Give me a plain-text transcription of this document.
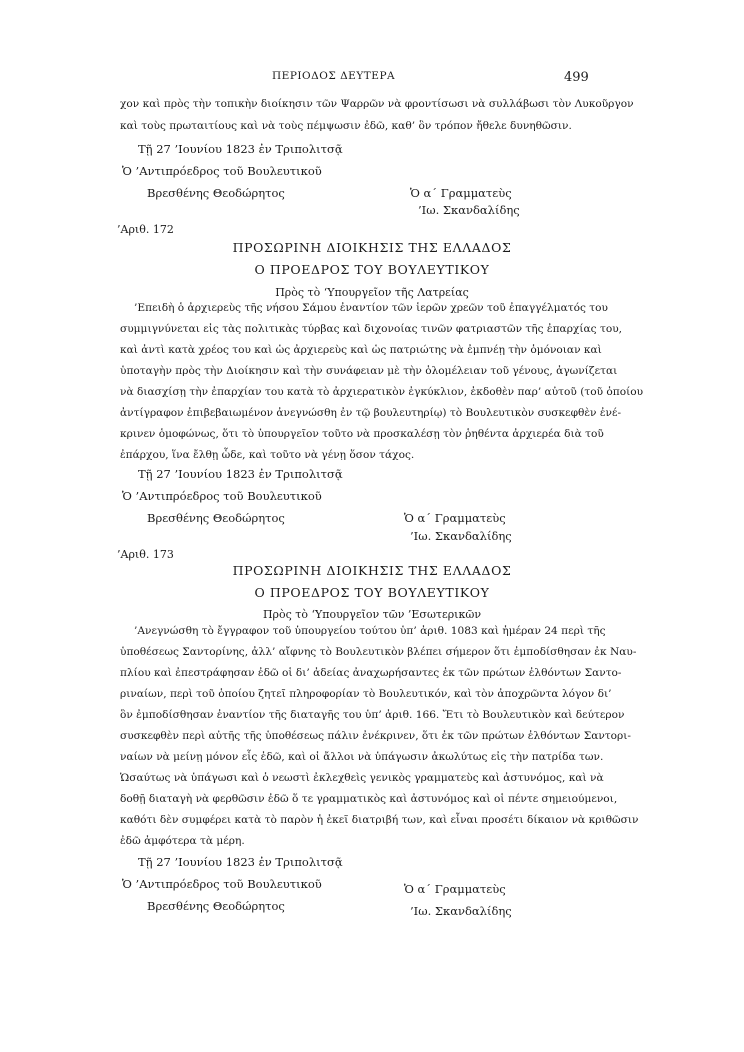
ΠΕΡΙΟΔΟΣ ΔΕΥΤΕΡΑ	499
χον καὶ πρὸς τὴν τοπικὴν διοίκησιν τῶν Ψαρρῶν νὰ φροντίσωσι νὰ συλλάβωσι τὸν Λυκοῦργον
καὶ τοὺς πρωταιτίους καὶ νὰ τοὺς πέμψωσιν ἐδῶ, καθ’ ὃν τρόπον ἤθελε δυνηθῶσιν.
Τῇ 27 ’Ιουνίου 1823 ἐν Τριπολιτσᾷ
Ὁ ’Αντιπρόεδρος τοῦ Βουλευτικοῦ
Βρεσθένης Θεοδώρητος	Ὁ α΄ Γραμματεὺς
’Ιω. Σκανδαλίδης
’Αριθ. 172
ΠΡΟΣΩΡΙΝΗ ΔΙΟΙΚΗΣΙΣ ΤΗΣ ΕΛΛΑΔΟΣ
Ο ΠΡΟΕΔΡΟΣ ΤΟΥ ΒΟΥΛΕΥΤΙΚΟΥ
Πρὸς τὸ ‘Υπουργεῖον τῆς Λατρείας
’Επειδὴ ὁ ἀρχιερεὺς τῆς νήσου Σάμου ἐναντίον τῶν ἱερῶν χρεῶν τοῦ ἐπαγγέλματός του
συμμιγνύνεται εἰς τὰς πολιτικὰς τύρβας καὶ διχονοίας τινῶν φατριαστῶν τῆς ἐπαρχίας του,
καὶ ἀντὶ κατὰ χρέος του καὶ ὡς ἀρχιερεὺς καὶ ὡς πατριώτης νὰ ἐμπνέῃ τὴν ὁμόνοιαν καὶ
ὑποταγὴν πρὸς τὴν Διοίκησιν καὶ τὴν συνάφειαν μὲ τὴν ὁλομέλειαν τοῦ γένους, ἀγωνίζεται
νὰ διασχίσῃ τὴν ἐπαρχίαν του κατὰ τὸ ἀρχιερατικὸν ἐγκύκλιον, ἐκδοθὲν παρ’ αὐτοῦ (τοῦ ὁποίου
ἀντίγραφον ἐπιβεβαιωμένον ἀνεγνώσθη ἐν τῷ βουλευτηρίῳ) τὸ Βουλευτικὸν συσκεφθὲν ἐνέ-
κρινεν ὁμοφώνως, ὅτι τὸ ὑπουργεῖον τοῦτο νὰ προσκαλέσῃ τὸν ῥηθέντα ἀρχιερέα διὰ τοῦ
ἐπάρχου, ἵνα ἔλθῃ ὧδε, καὶ τοῦτο νὰ γένῃ ὅσον τάχος.
Τῇ 27 ’Ιουνίου 1823 ἐν Τριπολιτσᾷ
Ὁ ’Αντιπρόεδρος τοῦ Βουλευτικοῦ
Βρεσθένης Θεοδώρητος	Ὁ α΄ Γραμματεὺς
’Ιω. Σκανδαλίδης
’Αριθ. 173
ΠΡΟΣΩΡΙΝΗ ΔΙΟΙΚΗΣΙΣ ΤΗΣ ΕΛΛΑΔΟΣ
Ο ΠΡΟΕΔΡΟΣ ΤΟΥ ΒΟΥΛΕΥΤΙΚΟΥ
Πρὸς τὸ ‘Υπουργεῖον τῶν ’Εσωτερικῶν
’Ανεγνώσθη τὸ ἔγγραφον τοῦ ὑπουργείου τούτου ὑπ’ ἀριθ. 1083 καὶ ἡμέραν 24 περὶ τῆς
ὑποθέσεως Σαντορίνης, ἀλλ’ αἴφνης τὸ Βουλευτικὸν βλέπει σήμερον ὅτι ἐμποδίσθησαν ἐκ Ναυ-
πλίου καὶ ἐπεστράφησαν ἐδῶ οἱ δι’ ἀδείας ἀναχωρήσαντες ἐκ τῶν πρώτων ἐλθόντων Σαντο-
ριναίων, περὶ τοῦ ὁποίου ζητεῖ πληροφορίαν τὸ Βουλευτικόν, καὶ τὸν ἀποχρῶντα λόγον δι’
ὃν ἐμποδίσθησαν ἐναντίον τῆς διαταγῆς του ὑπ’ ἀριθ. 166. Ἔτι τὸ Βουλευτικὸν καὶ δεύτερον
συσκεφθὲν περὶ αὐτῆς τῆς ὑποθέσεως πάλιν ἐνέκρινεν, ὅτι ἐκ τῶν πρώτων ἐλθόντων Σαντορι-
ναίων νὰ μείνῃ μόνον εἷς ἐδῶ, καὶ οἱ ἄλλοι νὰ ὑπάγωσιν ἀκωλύτως εἰς τὴν πατρίδα των.
Ὡσαύτως νὰ ὑπάγωσι καὶ ὁ νεωστὶ ἐκλεχθεὶς γενικὸς γραμματεὺς καὶ ἀστυνόμος, καὶ νὰ
δοθῇ διαταγὴ νὰ φερθῶσιν ἐδῶ ὅ τε γραμματικὸς καὶ ἀστυνόμος καὶ οἱ πέντε σημειούμενοι,
καθότι δὲν συμφέρει κατὰ τὸ παρὸν ἡ ἐκεῖ διατριβή των, καὶ εἶναι προσέτι δίκαιον νὰ κριθῶσιν
ἐδῶ ἀμφότερα τὰ μέρη.
Τῇ 27 ’Ιουνίου 1823 ἐν Τριπολιτσᾷ
Ὁ ’Αντιπρόεδρος τοῦ Βουλευτικοῦ
Βρεσθένης Θεοδώρητος
Ὁ α΄ Γραμματεὺς
’Ιω. Σκανδαλίδης
